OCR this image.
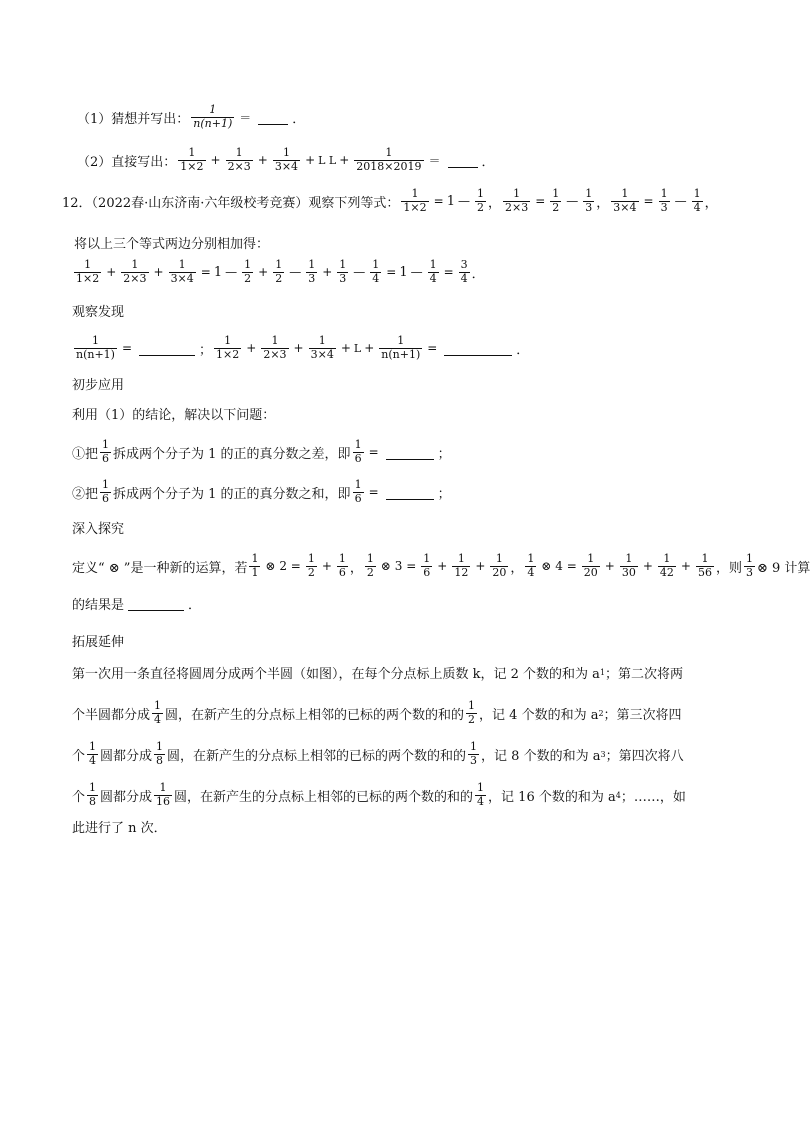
（1）猜想并写出： $\frac{1}{n(n+1)}$ ＝	．
（2）直接写出： $\frac{1}{1\times 2} + \frac{1}{2\times 3} + \frac{1}{3\times 4} + L$ $L + \frac{1}{2018\times 2019}$ ＝	．
12．（2022春·山东济南·六年级校考竞赛）观察下列等式： $\frac{1}{1\times 2} = 1$ — $\frac{1}{2}$ ， $\frac{1}{2\times 3} = \frac{1}{2}$ — $\frac{1}{3}$ ， $\frac{1}{3\times 4} = \frac{1}{3}$ — $\frac{1}{4}$ ，
将以上三个等式两边分别相加得：
$\frac{1}{1\times 2} + \frac{1}{2\times 3} + \frac{1}{3\times 4} = 1$ — $\frac{1}{2} + \frac{1}{2}$ — $\frac{1}{3} + \frac{1}{3}$ — $\frac{1}{4} = 1$ — $\frac{1}{4} = \frac{3}{4}$ ．
观察发现
$\frac{1}{n(n+1)}$ =	； $\frac{1}{1\times 2} + \frac{1}{2\times 3} + \frac{1}{3\times 4} + L + \frac{1}{n(n+1)}$ =	．
初步应用
利用（1）的结论，解决以下问题：
①把 $\frac{1}{6}$ 拆成两个分子为 1 的正的真分数之差，即 $\frac{1}{6}$ =	；
②把 $\frac{1}{6}$ 拆成两个分子为 1 的正的真分数之和，即 $\frac{1}{6}$ =	；
深入探究
定义“ ⊗ ”是一种新的运算，若 $\frac{1}{1}$ ⊗ $2 = \frac{1}{2} + \frac{1}{6}$ ， $\frac{1}{2}$ ⊗ $3 = \frac{1}{6} + \frac{1}{12} + \frac{1}{20}$ ， $\frac{1}{4}$ ⊗ $4 = \frac{1}{20} + \frac{1}{30} + \frac{1}{42} + \frac{1}{56}$ ，则 $\frac{1}{3}$ ⊗ 9 计算
的结果是	．
拓展延伸
第一次用一条直径将圆周分成两个半圆（如图），在每个分点标上质数 k，记 2 个数的和为 a 1 ；第二次将两
个半圆都分成 $\frac{1}{4}$ 圆，在新产生的分点标上相邻的已标的两个数的和的 $\frac{1}{2}$ ，记 4 个数的和为 a 2 ；第三次将四
个 $\frac{1}{4}$ 圆都分成 $\frac{1}{8}$ 圆，在新产生的分点标上相邻的已标的两个数的和的 $\frac{1}{3}$ ，记 8 个数的和为 a 3 ；第四次将八
个 $\frac{1}{8}$ 圆都分成 $\frac{1}{16}$ 圆，在新产生的分点标上相邻的已标的两个数的和的 $\frac{1}{4}$ ，记 16 个数的和为 a 4 ；……，如
此进行了 n 次．
